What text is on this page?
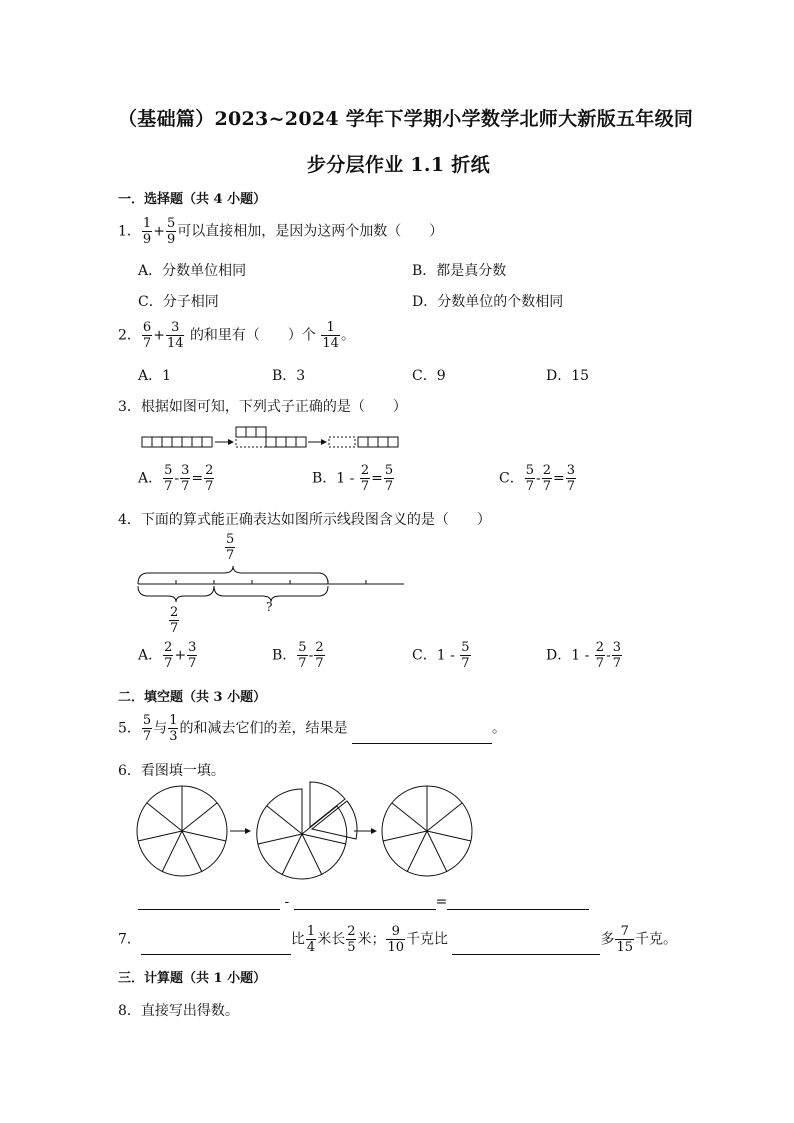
（基础篇）2023~2024 学年下学期小学数学北师大新版五年级同
步分层作业 1.1 折纸
一．选择题（共 4 小题）
1． $\frac{1}{9} + \frac{5}{9}$ 可以直接相加，是因为这两个加数（　　）
A．分数单位相同	B．都是真分数
C．分子相同	D．分数单位的个数相同
2． $\frac{6}{7} + \frac{3}{14}$ 的和里有（　　）个 $\frac{1}{14}$ 。
A．1	B．3	C．9	D．15
3．根据如图可知，下列式子正确的是（　　）
A． $\frac{5}{7} - \frac{3}{7} = \frac{2}{7}$	B．$1 - \frac{2}{7} = \frac{5}{7}$	C． $\frac{5}{7} - \frac{2}{7} = \frac{3}{7}$
4．下面的算式能正确表达如图所示线段图含义的是（　　）
$\frac{5}{7}$
$\frac{2}{7}$	?
A． $\frac{2}{7} + \frac{3}{7}$	B． $\frac{5}{7} - \frac{2}{7}$	C．$1 - \frac{5}{7}$	D．$1 - \frac{2}{7} - \frac{3}{7}$
二．填空题（共 3 小题）
5． $\frac{5}{7}$ 与 $\frac{1}{3}$ 的和减去它们的差，结果是	。
6．看图填一填。
-	=
7．	比 $\frac{1}{4}$ 米长 $\frac{2}{5}$ 米； $\frac{9}{10}$ 千克比	多 $\frac{7}{15}$ 千克。
三．计算题（共 1 小题）
8．直接写出得数。
